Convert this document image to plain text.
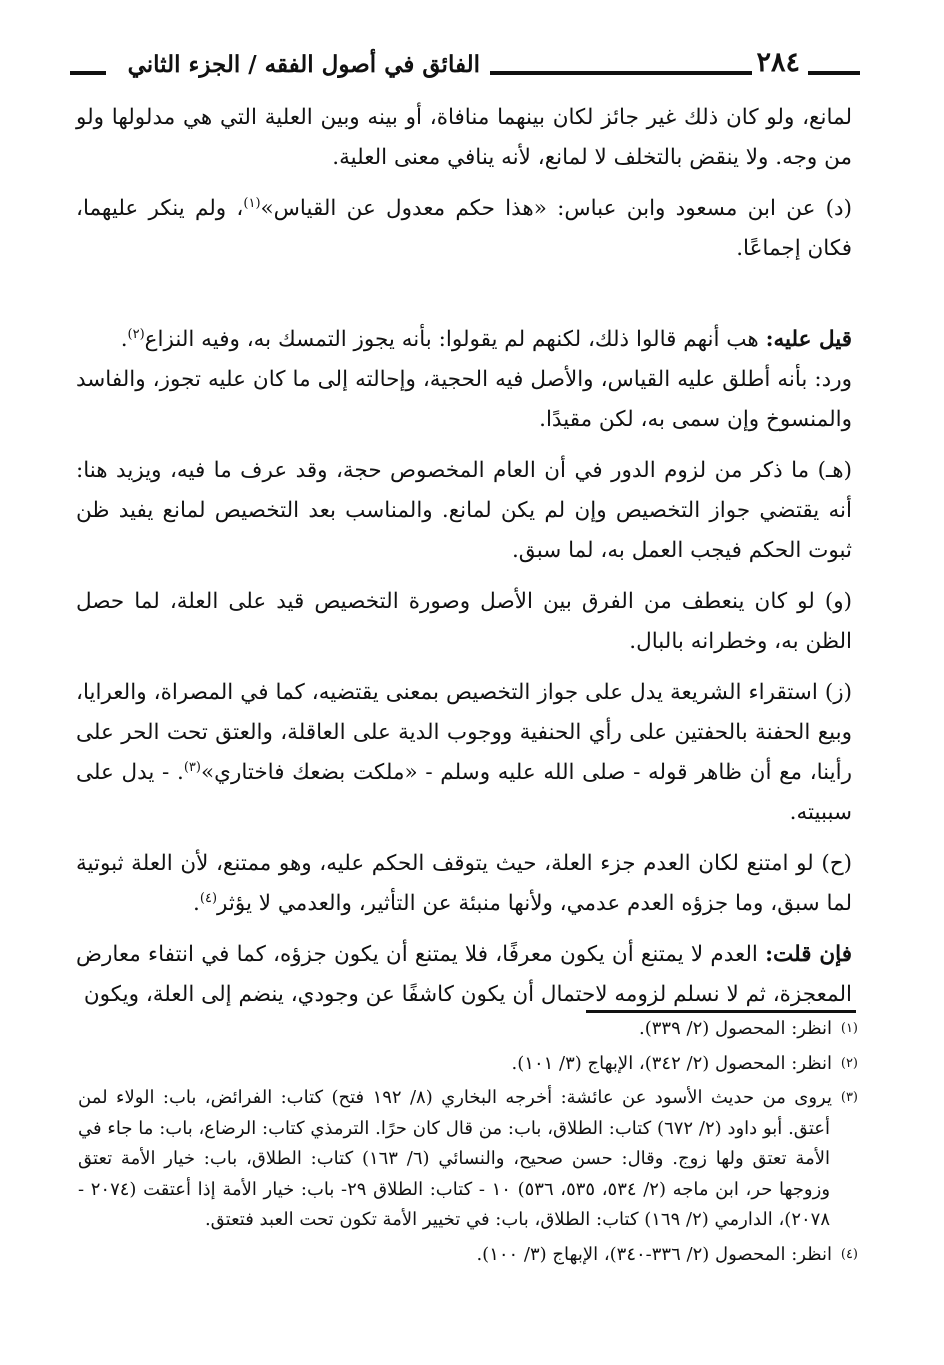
٢٨٤
الفائق في أصول الفقه / الجزء الثاني

لمانع، ولو كان ذلك غير جائز لكان بينهما منافاة، أو بينه وبين العلية التي هي مدلولها ولو من وجه. ولا ينقض بالتخلف لا لمانع، لأنه ينافي معنى العلية.

(د) عن ابن مسعود وابن عباس: «هذا حكم معدول عن القياس»$^{(١)}$، ولم ينكر عليهما، فكان إجماعًا.

قيل عليه: هب أنهم قالوا ذلك، لكنهم لم يقولوا: بأنه يجوز التمسك به، وفيه النزاع$^{(٢)}$.
ورد: بأنه أطلق عليه القياس، والأصل فيه الحجية، وإحالته إلى ما كان عليه تجوز، والفاسد والمنسوخ وإن سمى به، لكن مقيدًا.

(هـ) ما ذكر من لزوم الدور في أن العام المخصوص حجة، وقد عرف ما فيه، ويزيد هنا: أنه يقتضي جواز التخصيص وإن لم يكن لمانع. والمناسب بعد التخصيص لمانع يفيد ظن ثبوت الحكم فيجب العمل به، لما سبق.

(و) لو كان ينعطف من الفرق بين الأصل وصورة التخصيص قيد على العلة، لما حصل الظن به، وخطرانه بالبال.

(ز) استقراء الشريعة يدل على جواز التخصيص بمعنى يقتضيه، كما في المصراة، والعرايا، وبيع الحفنة بالحفتين على رأي الحنفية ووجوب الدية على العاقلة، والعتق تحت الحر على رأينا، مع أن ظاهر قوله - صلى الله عليه وسلم - «ملكت بضعك فاختاري»$^{(٣)}$. - يدل على سببيته.

(ح) لو امتنع لكان العدم جزء العلة، حيث يتوقف الحكم عليه، وهو ممتنع، لأن العلة ثبوتية لما سبق، وما جزؤه العدم عدمي، ولأنها منبئة عن التأثير، والعدمي لا يؤثر$^{(٤)}$.

فإن قلت: العدم لا يمتنع أن يكون معرفًا، فلا يمتنع أن يكون جزؤه، كما في انتفاء معارض المعجزة، ثم لا نسلم لزومه لاحتمال أن يكون كاشفًا عن وجودي، ينضم إلى العلة، ويكون

(١)انظر: المحصول (٢/ ٣٣٩).

(٢)انظر: المحصول (٢/ ٣٤٢)، الإبهاج (٣/ ١٠١).

(٣)يروى من حديث الأسود عن عائشة: أخرجه البخاري (٨/ ١٩٢ فتح) كتاب: الفرائض، باب: الولاء لمن أعتق. أبو داود (٢/ ٦٧٢) كتاب: الطلاق، باب: من قال كان حرًا. الترمذي كتاب: الرضاع، باب: ما جاء في الأمة تعتق ولها زوج. وقال: حسن صحيح، والنسائي (٦/ ١٦٣) كتاب: الطلاق، باب: خيار الأمة تعتق وزوجها حر، ابن ماجه (٢/ ٥٣٤، ٥٣٥، ٥٣٦) ١٠ - كتاب: الطلاق ٢٩- باب: خيار الأمة إذا أعتقت (٢٠٧٤ - ٢٠٧٨)، الدارمي (٢/ ١٦٩) كتاب: الطلاق، باب: في تخيير الأمة تكون تحت العبد فتعتق.

(٤)انظر: المحصول (٢/ ٣٣٦-٣٤٠)، الإبهاج (٣/ ١٠٠).
